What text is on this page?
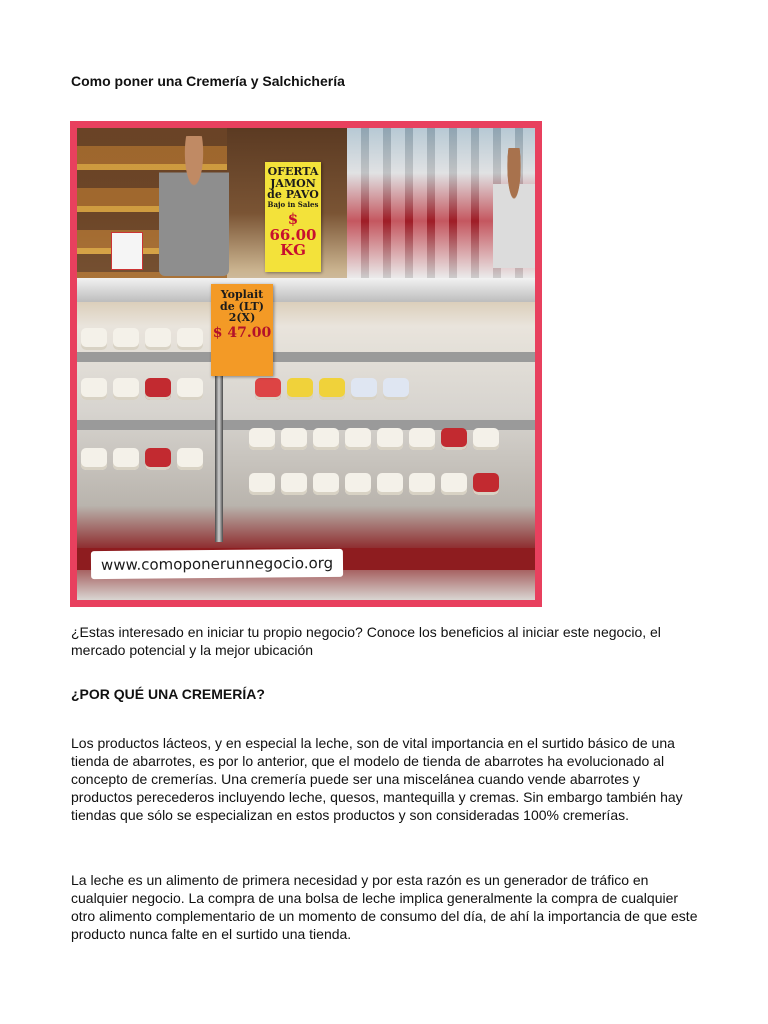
Como poner una Cremería y Salchichería
OFERTA
JAMON
de PAVO
Bajo in Sales
$ 66.00 KG
Yoplait
de (LT)
2(X)
$ 47.00
www.comoponerunnegocio.org

¿Estas interesado en iniciar tu propio negocio? Conoce los beneficios al iniciar este negocio, el mercado potencial y la mejor ubicación

¿POR QUÉ UNA CREMERÍA?

Los productos lácteos, y en especial la leche, son de vital importancia en el surtido básico de una tienda de abarrotes, es por lo anterior, que el modelo de tienda de abarrotes ha evolucionado al concepto de cremerías. Una cremería puede ser una miscelánea cuando vende abarrotes y productos perecederos incluyendo leche, quesos, mantequilla y cremas. Sin embargo también hay tiendas que sólo se especializan en estos productos y son consideradas 100% cremerías.

La leche es un alimento de primera necesidad y por esta razón es un generador de tráfico en cualquier negocio. La compra de una bolsa de leche implica generalmente la compra de cualquier otro alimento complementario de un momento de consumo del día, de ahí la importancia de que este producto nunca falte en el surtido una tienda.
